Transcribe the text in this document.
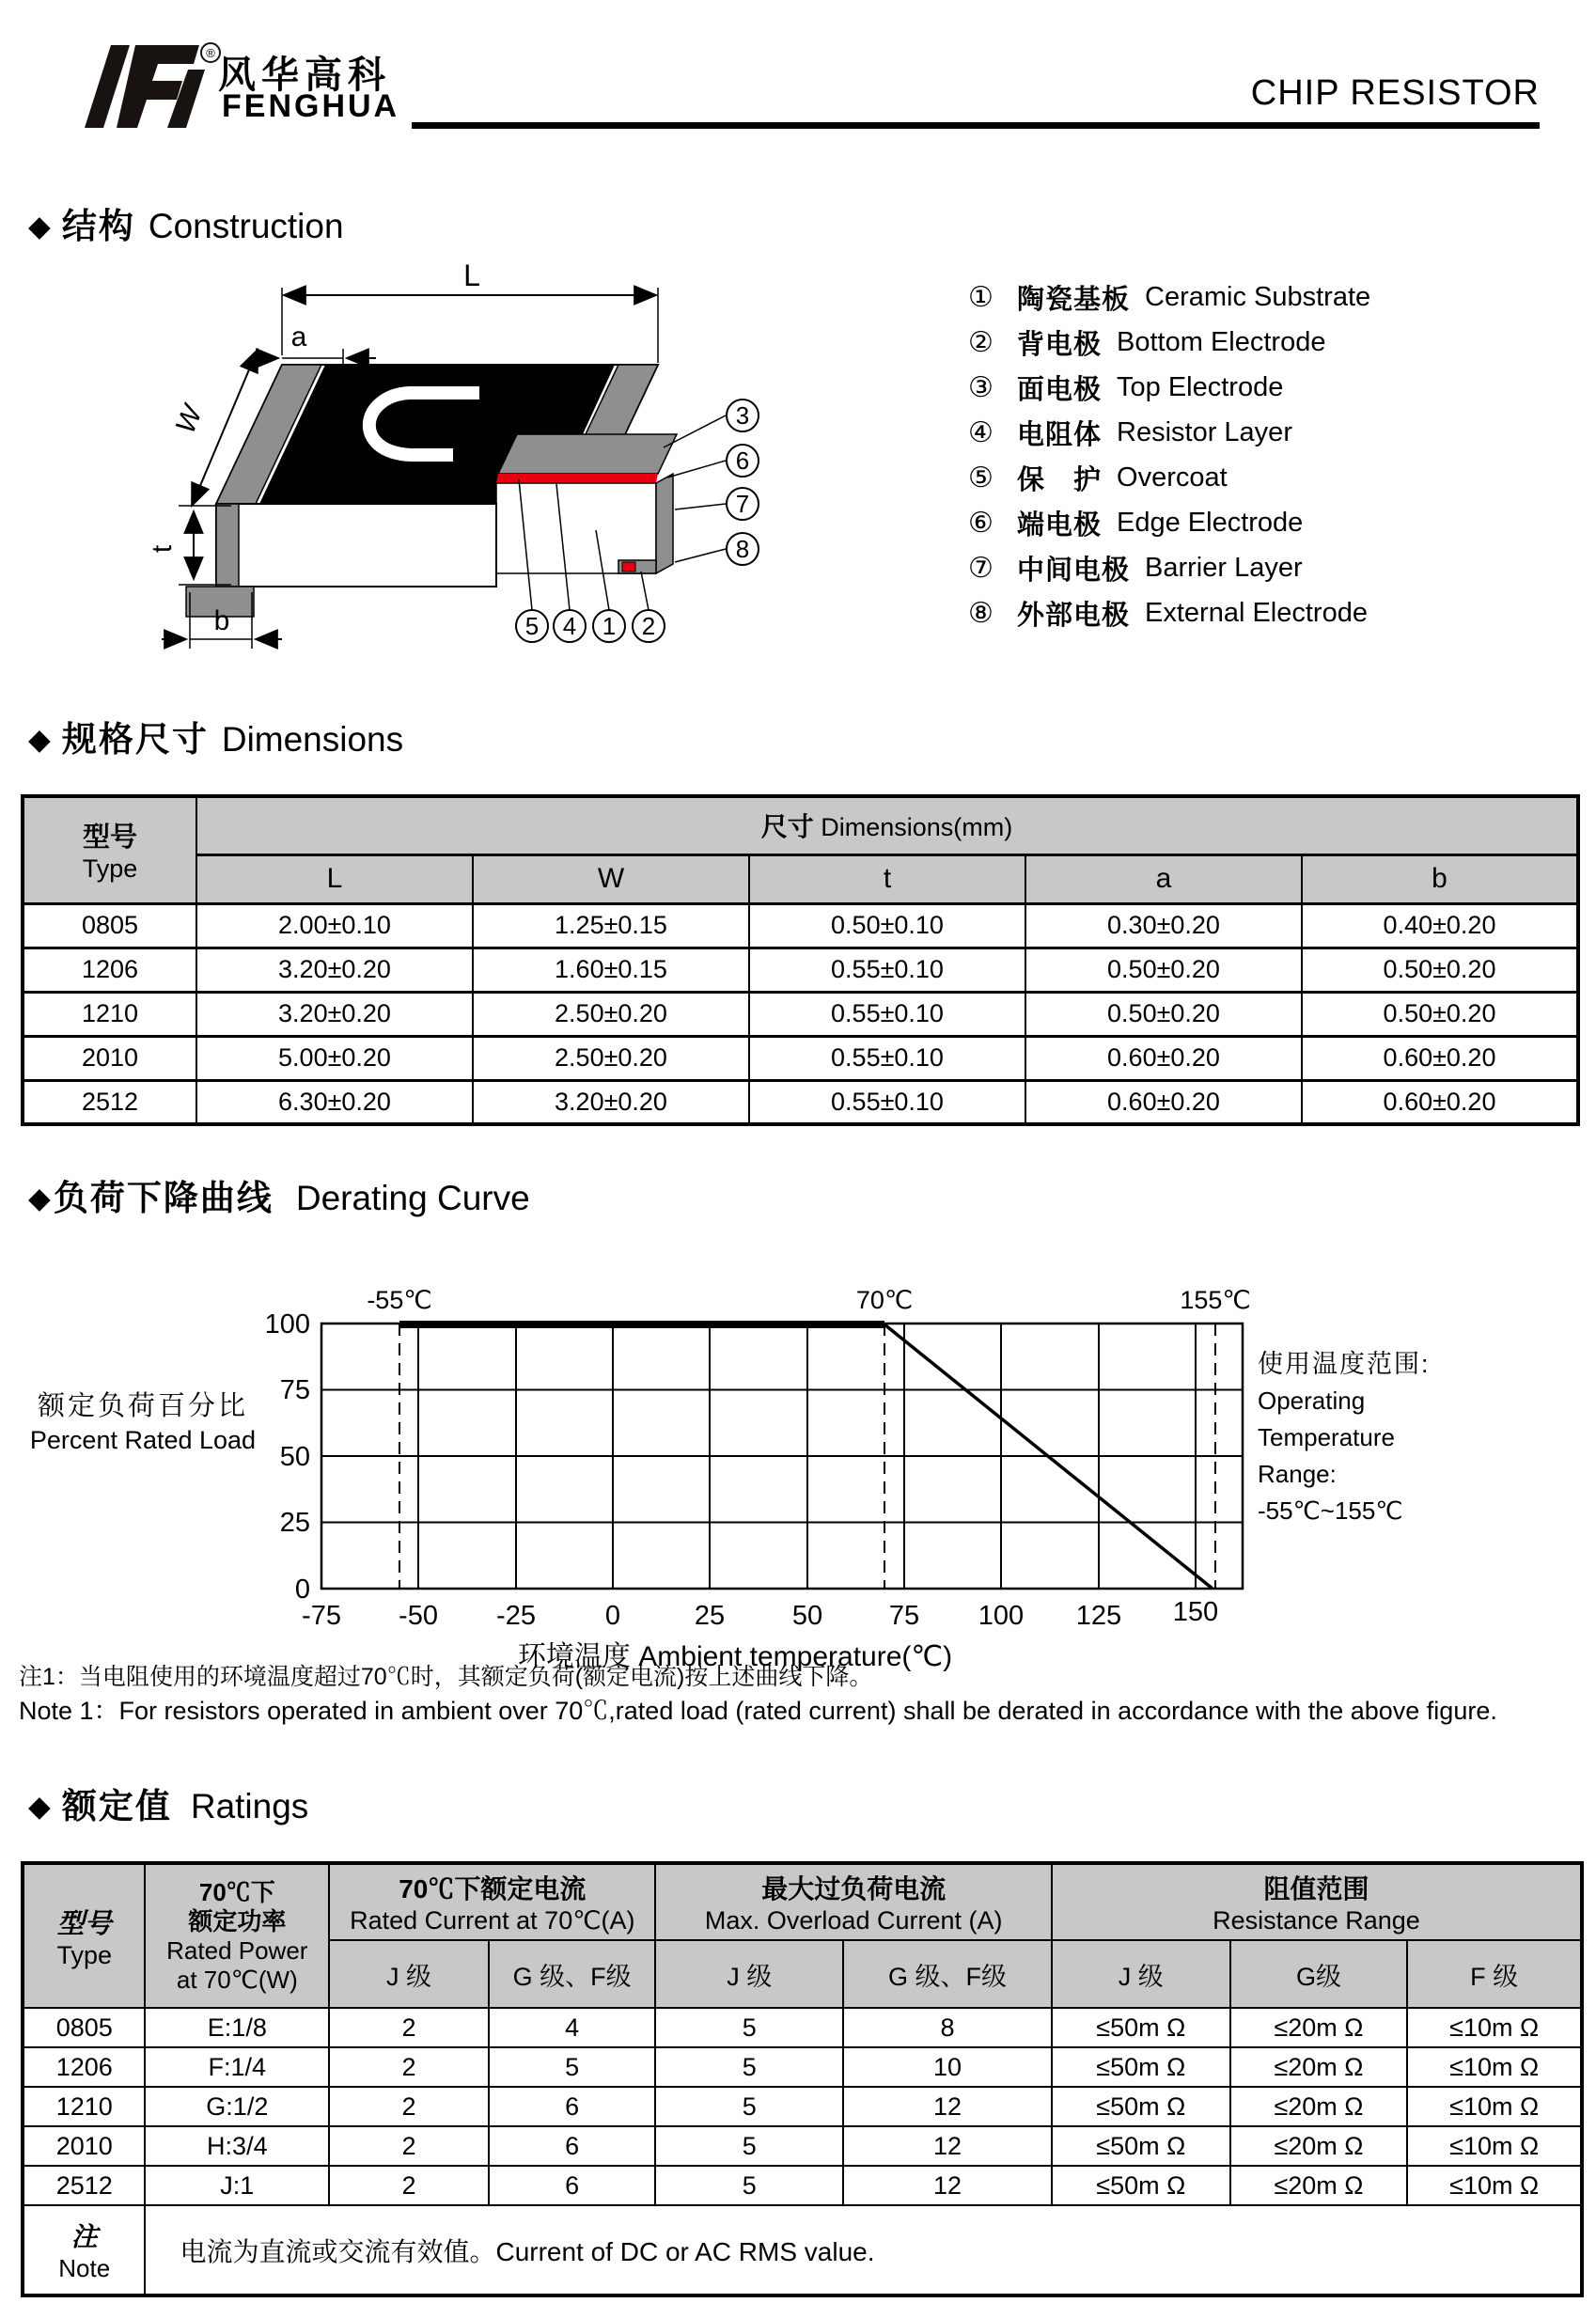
®
风华高科
FENGHUA	CHIP RESISTOR
◆ 结构 Construction
L
a
W
t
b
3
6
7
8
5 4 1 2
① 陶瓷基板 Ceramic Substrate
② 背电极 Bottom Electrode
③ 面电极 Top Electrode
④ 电阻体 Resistor Layer
⑤ 保　护 Overcoat
⑥ 端电极 Edge Electrode
⑦ 中间电极 Barrier Layer
⑧ 外部电极 External Electrode
◆ 规格尺寸 Dimensions
型号
Type	尺寸 Dimensions(mm)				
	L	W	t	a	b
0805	2.00±0.10	1.25±0.15	0.50±0.10	0.30±0.20	0.40±0.20
1206	3.20±0.20	1.60±0.15	0.55±0.10	0.50±0.20	0.50±0.20
1210	3.20±0.20	2.50±0.20	0.55±0.10	0.50±0.20	0.50±0.20
2010	5.00±0.20	2.50±0.20	0.55±0.10	0.60±0.20	0.60±0.20
2512	6.30±0.20	3.20±0.20	0.55±0.10	0.60±0.20	0.60±0.20
◆ 负荷下降曲线 Derating Curve
100
75
50
25
0
-75 -50 -25	0	25 50 75 100 125 150
-55℃	70℃	155℃
额定负荷百分比
Percent Rated Load
环境温度 Ambient temperature(℃)
使用温度范围:
Operating
Temperature
Range:
-55℃~155℃
注1：当电阻使用的环境温度超过70℃时，其额定负荷(额定电流)按上述曲线下降。
Note 1：For resistors operated in ambient over 70℃,rated load (rated current) shall be derated in accordance with the above figure.
◆ 额定值 Ratings
型号
Type	70℃下
额定功率
Rated Power
at 70℃(W)	70℃下额定电流
Rated Current at 70℃(A)		最大过负荷电流
Max. Overload Current (A)		阻值范围
Resistance Range		
		J 级	G 级、F级	J 级	G 级、F级	J 级	G级	F 级
0805	E:1/8	2	4	5	8	≤50m Ω	≤20m Ω	≤10m Ω
1206	F:1/4	2	5	5	10	≤50m Ω	≤20m Ω	≤10m Ω
1210	G:1/2	2	6	5	12	≤50m Ω	≤20m Ω	≤10m Ω
2010	H:3/4	2	6	5	12	≤50m Ω	≤20m Ω	≤10m Ω
2512	J:1	2	6	5	12	≤50m Ω	≤20m Ω	≤10m Ω
注
Note	电流为直流或交流有效值。Current of DC or AC RMS value.							
